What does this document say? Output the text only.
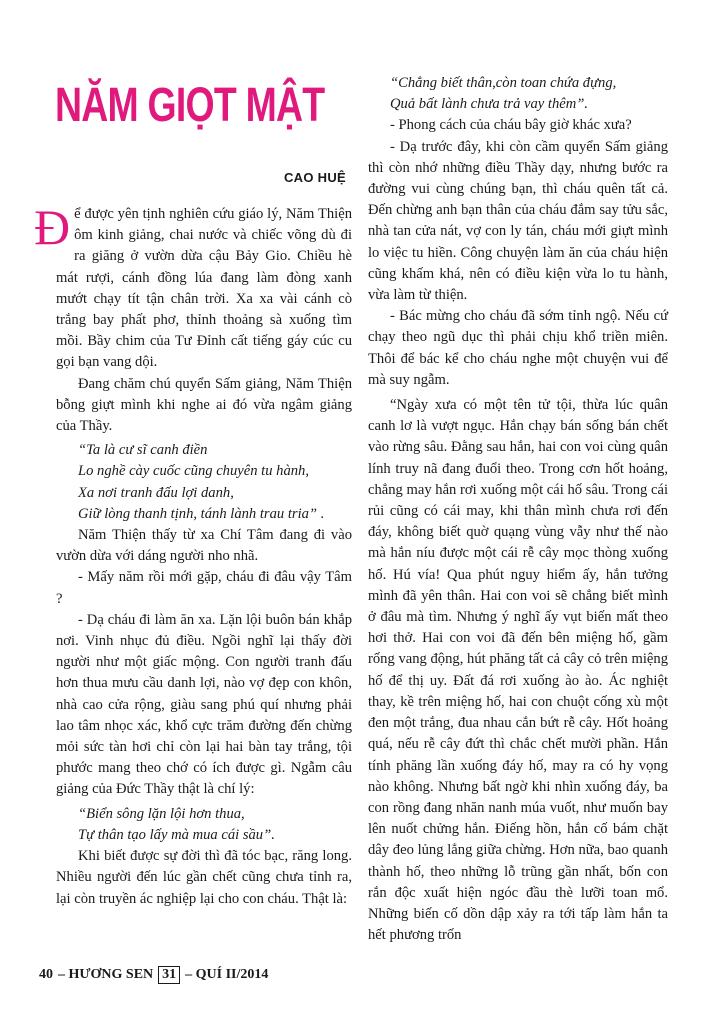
NĂM GIỌT MẬT
CAO HUỆ

Để được yên tịnh nghiên cứu giáo lý, Năm Thiện ôm kinh giảng, chai nước và chiếc võng dù đi ra giăng ở vườn dừa cậu Bảy Gio. Chiều hè mát rượi, cánh đồng lúa đang làm đòng xanh mướt chạy tít tận chân trời. Xa xa vài cánh cò trắng bay phất phơ, thỉnh thoảng sà xuống tìm mồi. Bầy chim của Tư Đỉnh cất tiếng gáy cúc cu gọi bạn vang dội.

Đang chăm chú quyển Sấm giảng, Năm Thiện bỗng giựt mình khi nghe ai đó vừa ngâm giảng của Thầy.

“Ta là cư sĩ canh điền

Lo nghề cày cuốc cũng chuyên tu hành,

Xa nơi tranh đấu lợi danh,

Giữ lòng thanh tịnh, tánh lành trau tria” .

Năm Thiện thấy từ xa Chí Tâm đang đi vào vườn dừa với dáng người nho nhã.

- Mấy năm rồi mới gặp, cháu đi đâu vậy Tâm ?

- Dạ cháu đi làm ăn xa. Lặn lội buôn bán khắp nơi. Vinh nhục đủ điều. Ngồi nghĩ lại thấy đời người như một giấc mộng. Con người tranh đấu hơn thua mưu cầu danh lợi, nào vợ đẹp con khôn, nhà cao cửa rộng, giàu sang phú quí nhưng phải lao tâm nhọc xác, khổ cực trăm đường đến chừng mỏi sức tàn hơi chỉ còn lại hai bàn tay trắng, tội phước mang theo chớ có ích được gì. Ngẫm câu giảng của Đức Thầy thật là chí lý:

“Biển sông lặn lội hơn thua,

Tự thân tạo lấy mà mua cái sầu”.

Khi biết được sự đời thì đã tóc bạc, răng long. Nhiều người đến lúc gần chết cũng chưa tỉnh ra, lại còn truyền ác nghiệp lại cho con cháu. Thật là:

“Chẳng biết thân,còn toan chứa đựng,

Quả bất lành chưa trả vay thêm”.

- Phong cách của cháu bây giờ khác xưa?

- Dạ trước đây, khi còn cầm quyển Sấm giảng thì còn nhớ những điều Thầy dạy, nhưng bước ra đường vui cùng chúng bạn, thì cháu quên tất cả. Đến chừng anh bạn thân của cháu đắm say tửu sắc, nhà tan cửa nát, vợ con ly tán, cháu mới giựt mình lo việc tu hiền. Công chuyện làm ăn của cháu hiện cũng khấm khá, nên có điều kiện vừa lo tu hành, vừa làm từ thiện.

- Bác mừng cho cháu đã sớm tỉnh ngộ. Nếu cứ chạy theo ngũ dục thì phải chịu khổ triền miên. Thôi để bác kể cho cháu nghe một chuyện vui để mà suy ngẫm.

“Ngày xưa có một tên tử tội, thừa lúc quân canh lơ là vượt ngục. Hắn chạy bán sống bán chết vào rừng sâu. Đằng sau hắn, hai con voi cùng quân lính truy nã đang đuổi theo. Trong cơn hốt hoảng, chẳng may hắn rơi xuống một cái hố sâu. Trong cái rủi cũng có cái may, khi thân mình chưa rơi đến đáy, không biết quờ quạng vùng vẫy như thế nào mà hắn níu được một cái rễ cây mọc thòng xuống hố. Hú vía! Qua phút nguy hiểm ấy, hắn tưởng mình đã yên thân. Hai con voi sẽ chẳng biết mình ở đâu mà tìm. Nhưng ý nghĩ ấy vụt biến mất theo hơi thở. Hai con voi đã đến bên miệng hố, gầm rống vang động, hút phăng tất cả cây cỏ trên miệng hố để thị uy. Đất đá rơi xuống ào ào. Ác nghiệt thay, kề trên miệng hố, hai con chuột cống xù một đen một trắng, đua nhau cắn bứt rễ cây. Hốt hoảng quá, nếu rễ cây đứt thì chắc chết mười phần. Hắn tính phăng lần xuống đáy hố, may ra có hy vọng nào không. Nhưng bất ngờ khi nhìn xuống đáy, ba con rồng đang nhăn nanh múa vuốt, như muốn bay lên nuốt chửng hắn. Điếng hồn, hắn cố bám chặt dây đeo lủng lẳng giữa chừng. Hơn nữa, bao quanh thành hố, theo những lỗ trũng gần nhất, bốn con rắn độc xuất hiện ngóc đầu thè lưỡi toan mổ. Những biến cố dồn dập xảy ra tới tấp làm hắn ta hết phương trốn

40 – HƯƠNG SEN 31 – QUÍ II/2014
